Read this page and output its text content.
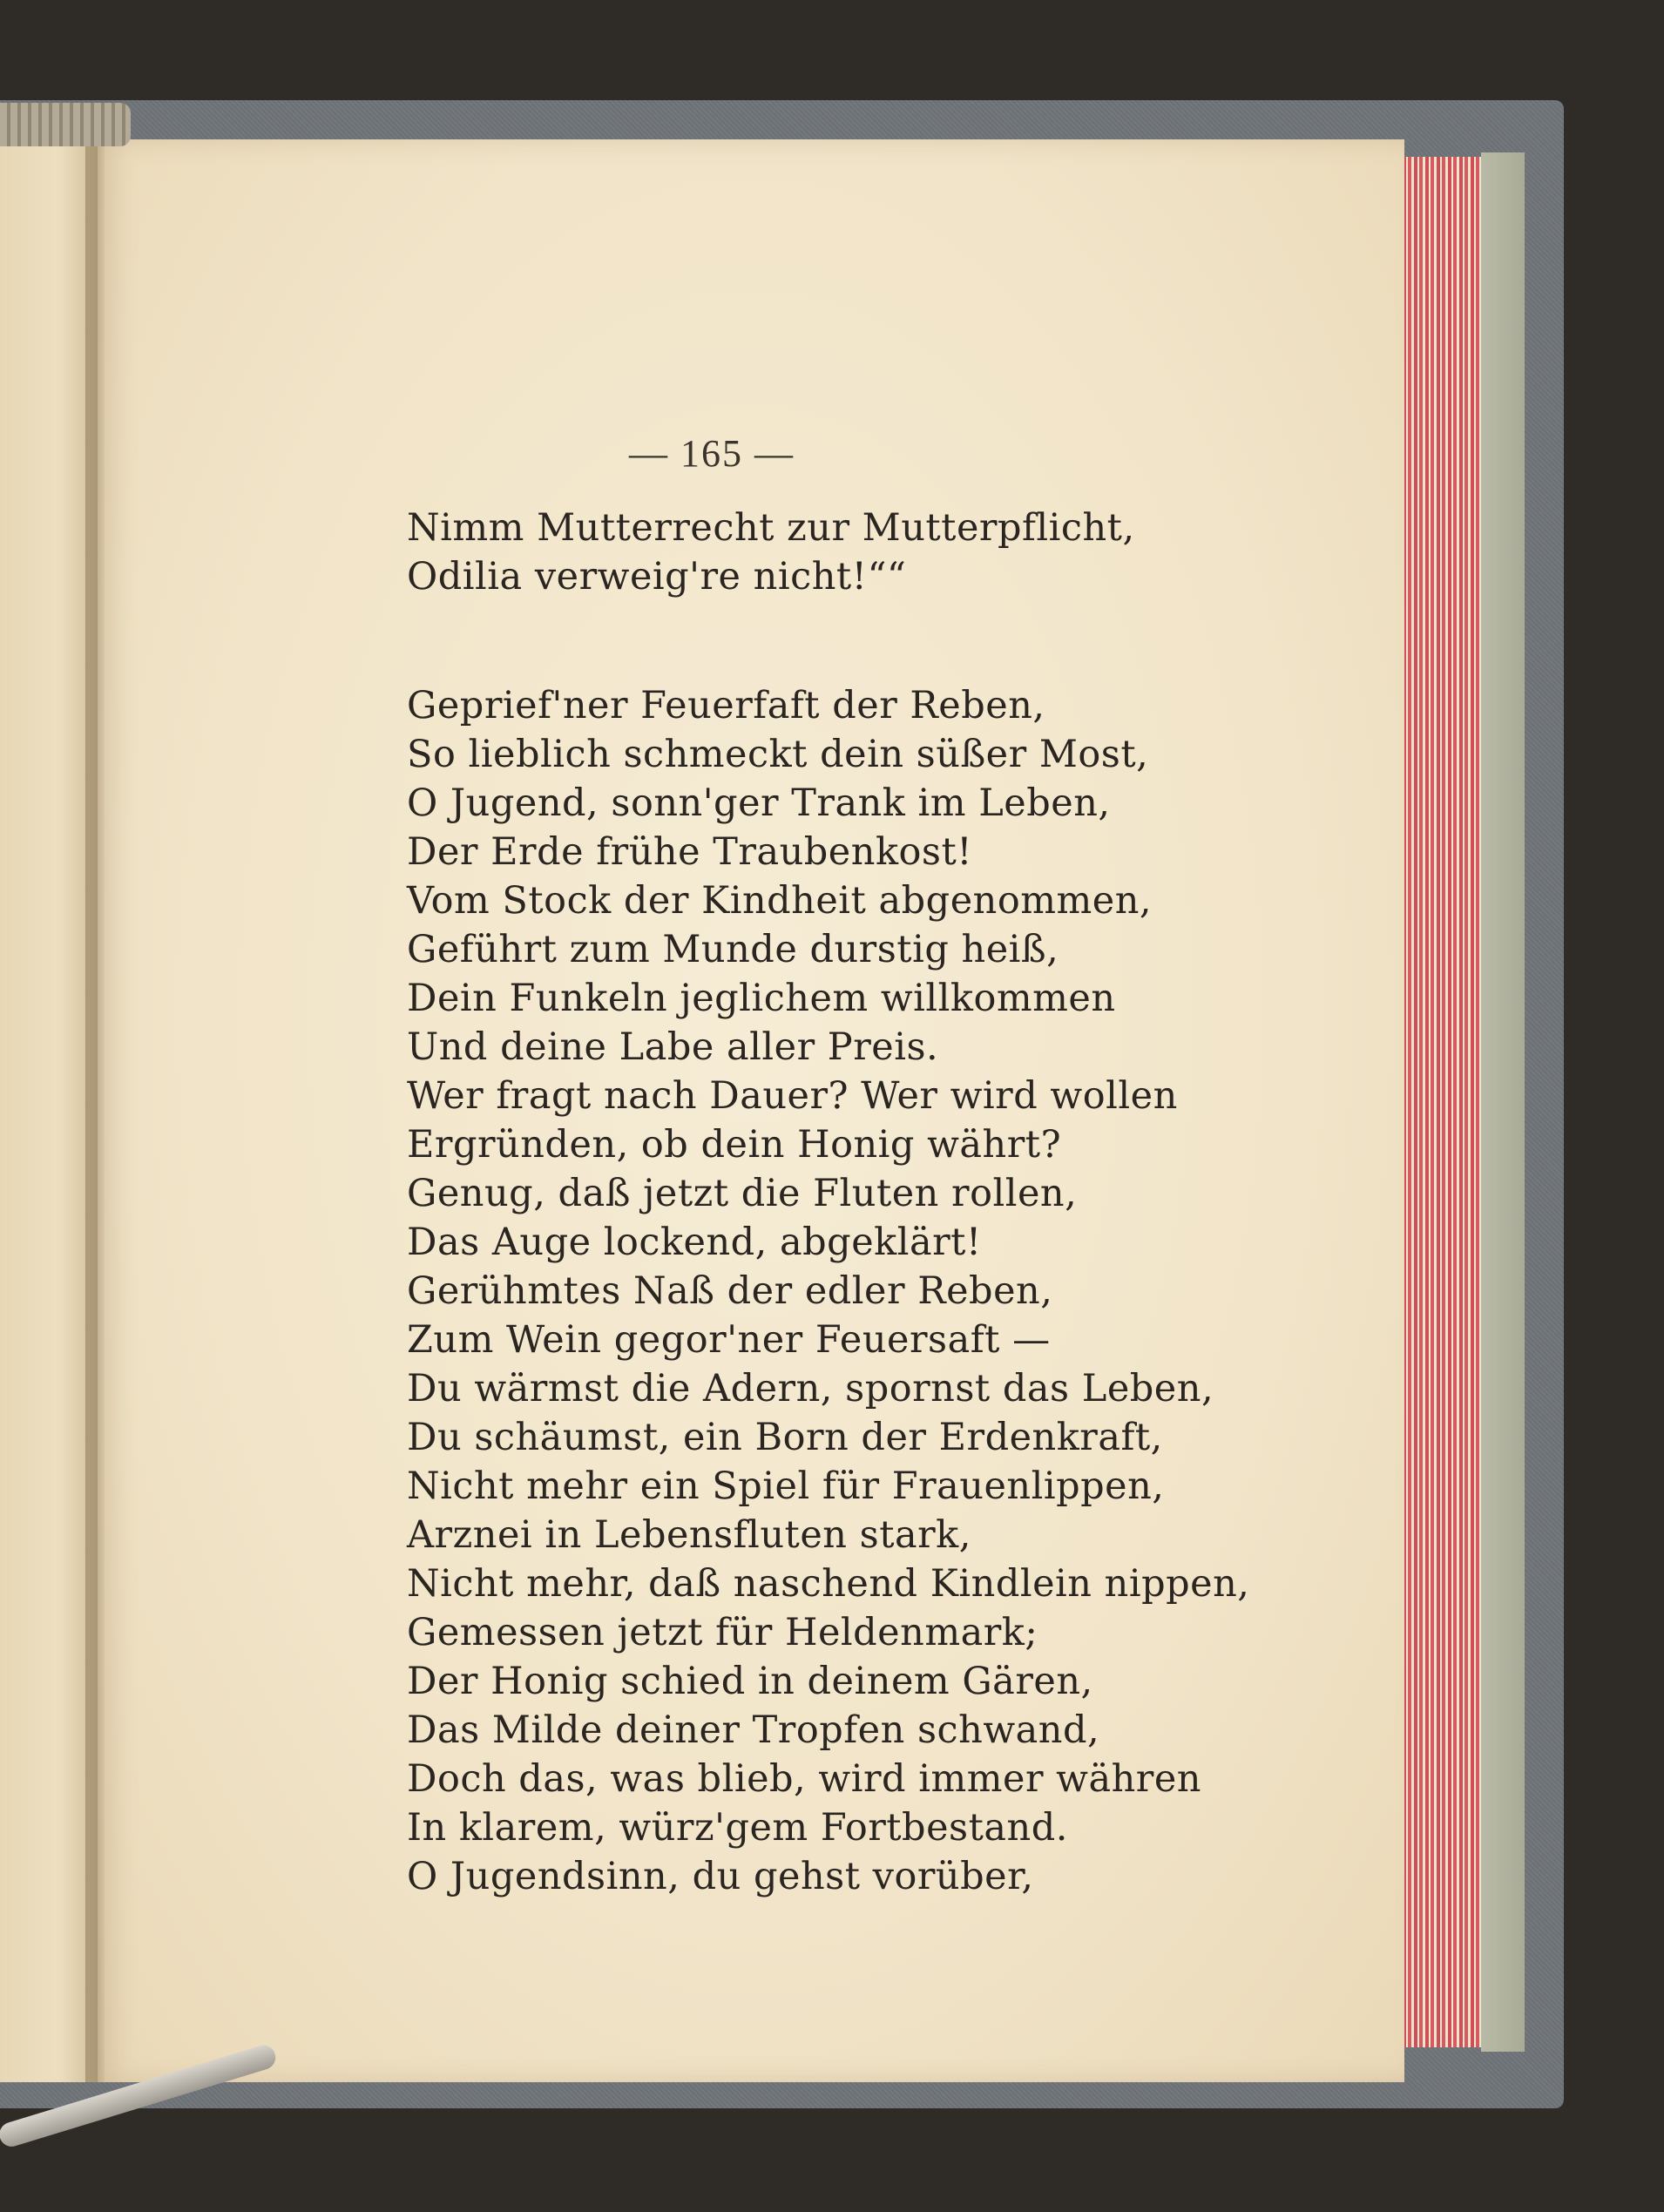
— 165 —
Nimm Mutterrecht zur Mutterpflicht,
Odilia verweig're nicht!““
Geprief'ner Feuerfaft der Reben,
So lieblich schmeckt dein süßer Most,
O Jugend, sonn'ger Trank im Leben,
Der Erde frühe Traubenkost!
Vom Stock der Kindheit abgenommen,
Geführt zum Munde durstig heiß,
Dein Funkeln jeglichem willkommen
Und deine Labe aller Preis.
Wer fragt nach Dauer? Wer wird wollen
Ergründen, ob dein Honig währt?
Genug, daß jetzt die Fluten rollen,
Das Auge lockend, abgeklärt!
Gerühmtes Naß der edler Reben,
Zum Wein gegor'ner Feuersaft —
Du wärmst die Adern, spornst das Leben,
Du schäumst, ein Born der Erdenkraft,
Nicht mehr ein Spiel für Frauenlippen,
Arznei in Lebensfluten stark,
Nicht mehr, daß naschend Kindlein nippen,
Gemessen jetzt für Heldenmark;
Der Honig schied in deinem Gären,
Das Milde deiner Tropfen schwand,
Doch das, was blieb, wird immer währen
In klarem, würz'gem Fortbestand.
O Jugendsinn, du gehst vorüber,
